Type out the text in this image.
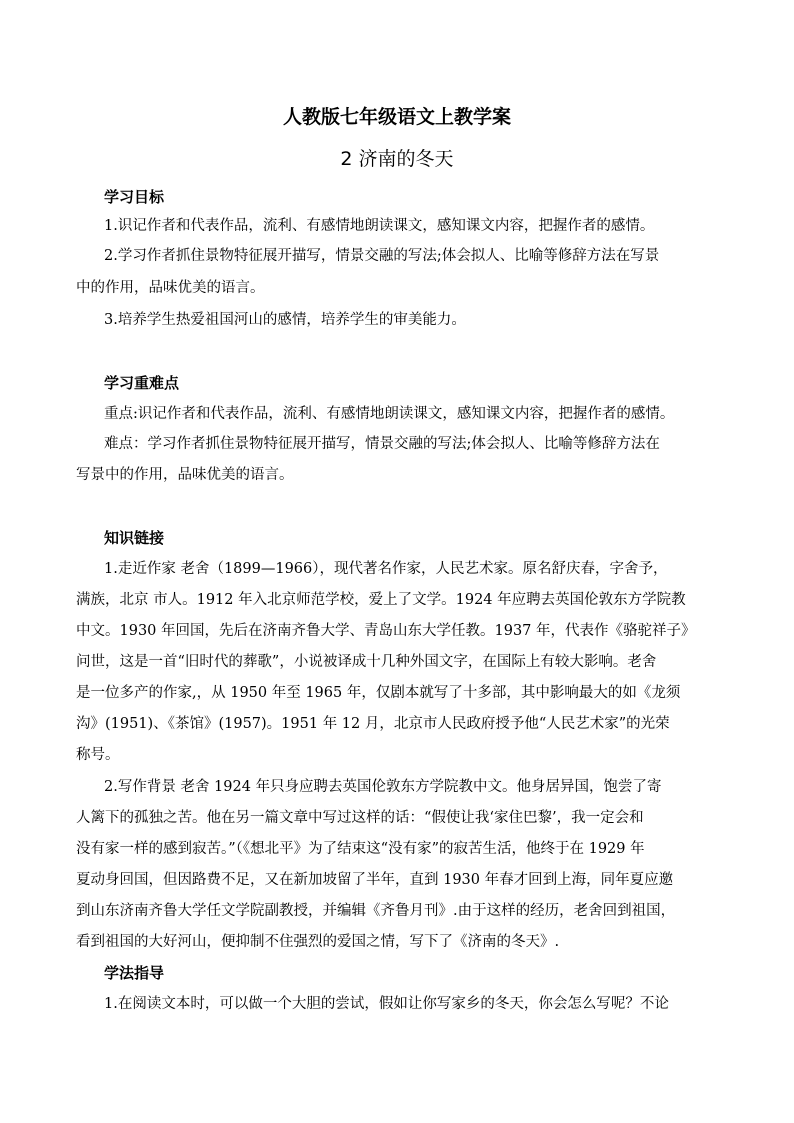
人教版七年级语文上教学案
2 济南的冬天
学习目标
1.识记作者和代表作品，流利、有感情地朗读课文，感知课文内容，把握作者的感情。
2.学习作者抓住景物特征展开描写，情景交融的写法;体会拟人、比喻等修辞方法在写景
中的作用，品味优美的语言。
3.培养学生热爱祖国河山的感情，培养学生的审美能力。
学习重难点
重点:识记作者和代表作品，流利、有感情地朗读课文，感知课文内容，把握作者的感情。
难点：学习作者抓住景物特征展开描写，情景交融的写法;体会拟人、比喻等修辞方法在
写景中的作用，品味优美的语言。
知识链接
1.走近作家 老舍（1899—1966），现代著名作家，人民艺术家。原名舒庆春，字舍予，
满族，北京 市人。1912 年入北京师范学校，爱上了文学。1924 年应聘去英国伦敦东方学院教
中文。1930 年回国，先后在济南齐鲁大学、青岛山东大学任教。1937 年，代表作《骆驼祥子》
问世，这是一首“旧时代的葬歌”，小说被译成十几种外国文字，在国际上有较大影响。老舍
是一位多产的作家,，从 1950 年至 1965 年，仅剧本就写了十多部，其中影响最大的如《龙须
沟》(1951)、《茶馆》(1957)。1951 年 12 月，北京市人民政府授予他“人民艺术家”的光荣
称号。
2.写作背景 老舍 1924 年只身应聘去英国伦敦东方学院教中文。他身居异国，饱尝了寄
人篱下的孤独之苦。他在另一篇文章中写过这样的话：“假使让我‘家住巴黎’，我一定会和
没有家一样的感到寂苦。”（《想北平》为了结束这“没有家”的寂苦生活，他终于在 1929 年
夏动身回国，但因路费不足，又在新加坡留了半年，直到 1930 年春才回到上海，同年夏应邀
到山东济南齐鲁大学任文学院副教授，并编辑《齐鲁月刊》.由于这样的经历，老舍回到祖国，
看到祖国的大好河山，便抑制不住强烈的爱国之情，写下了《济南的冬天》.
学法指导
1.在阅读文本时，可以做一个大胆的尝试，假如让你写家乡的冬天，你会怎么写呢？不论
